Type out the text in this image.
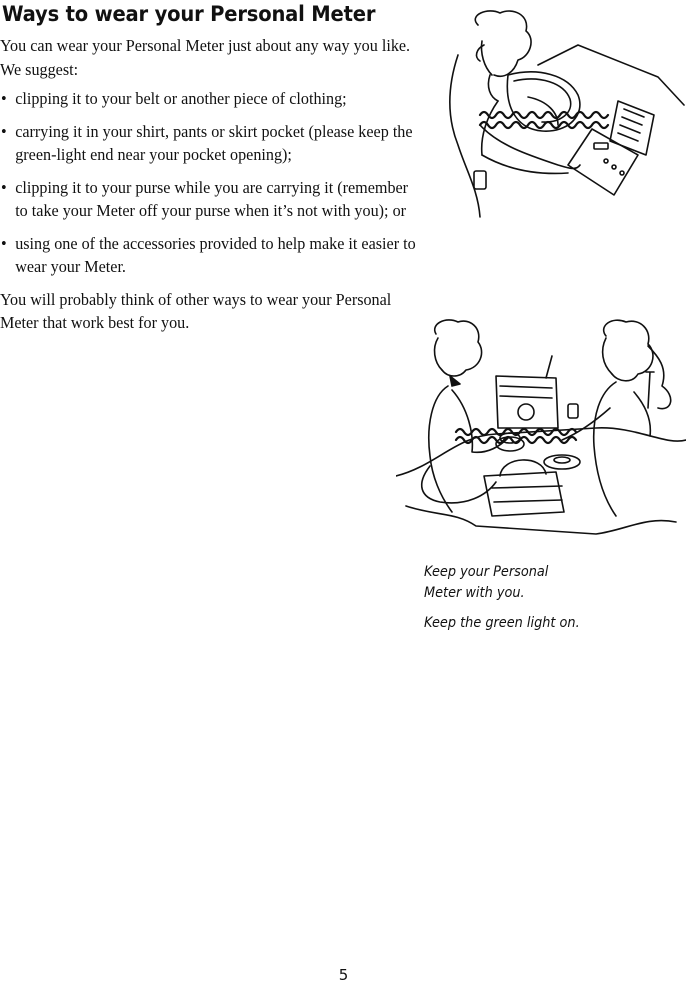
Ways to wear your Personal Meter

You can wear your Personal Meter just about any way you like. We suggest:

• clipping it to your belt or another piece of clothing;
• carrying it in your shirt, pants or skirt pocket (please keep the green-light end near your pocket opening);
• clipping it to your purse while you are carrying it (remember to take your Meter off your purse when it’s not with you); or
• using one of the accessories provided to help make it easier to wear your Meter.

You will probably think of other ways to wear your Personal Meter that work best for you.

Keep your Personal
Meter with you.

Keep the green light on.

5
